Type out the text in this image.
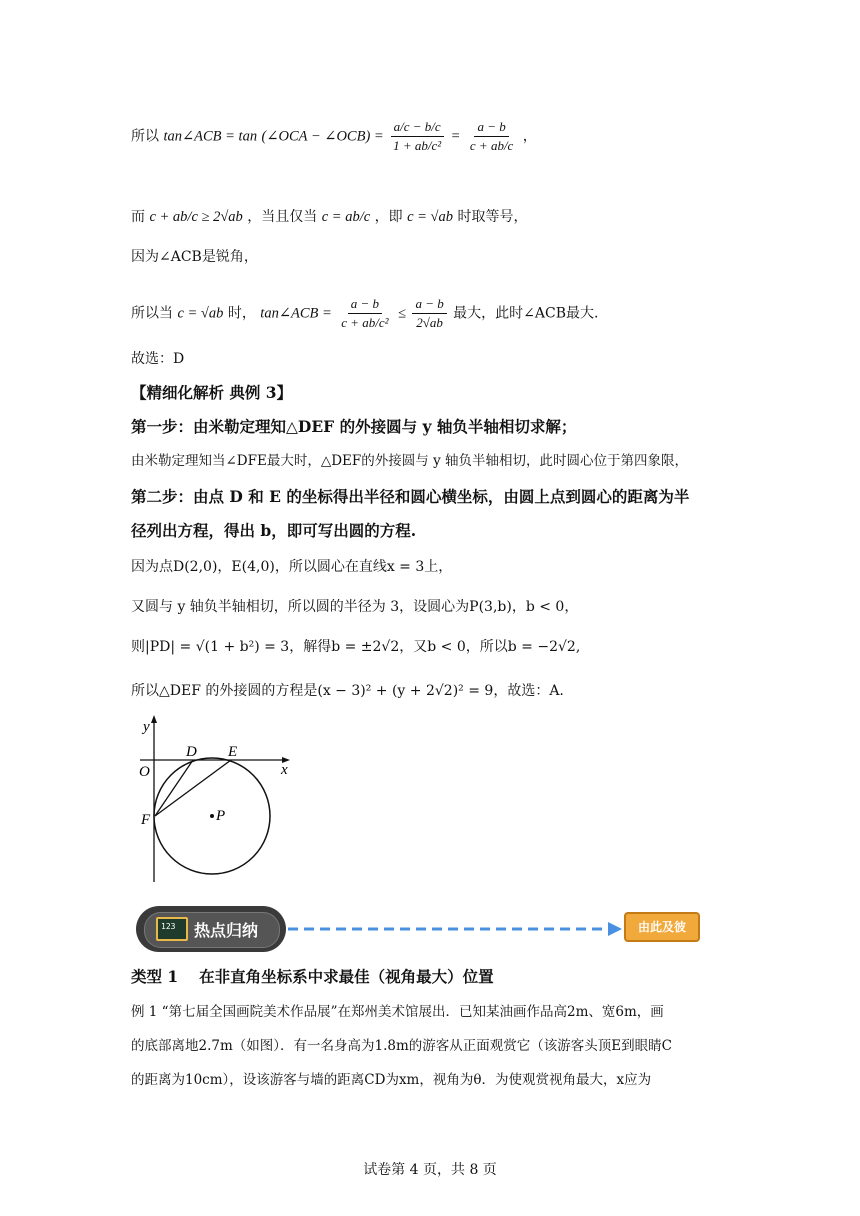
所以 tan∠ACB = tan (∠OCA − ∠OCB) = $\frac{a/c - b/c}{\text{1 + ab/c²}} = \frac{a - b}{c + ab/c}$ ，
而 c + ab/c ≥ 2√ab ，当且仅当 c = ab/c ，即 c = √ab 时取等号，
因为∠ACB是锐角，
所以当 c = √ab 时， tan∠ACB = $\frac{a - b}{\text{c + ab/c²}} \le \frac{a - b}{2√ab}$ 最大，此时∠ACB最大.
故选：D
【精细化解析 典例 3】
第一步：由米勒定理知△DEF 的外接圆与 y 轴负半轴相切求解；
由米勒定理知当∠DFE最大时，△DEF的外接圆与 y 轴负半轴相切，此时圆心位于第四象限，
第二步：由点 D 和 E 的坐标得出半径和圆心横坐标，由圆上点到圆心的距离为半
径列出方程，得出 b，即可写出圆的方程.
因为点D(2,0)，E(4,0)，所以圆心在直线x = 3上，
又圆与 y 轴负半轴相切，所以圆的半径为 3，设圆心为P(3,b)，b < 0，
则|PD| = √(1 + b²) = 3，解得b = ±2√2，又b < 0，所以b = −2√2,
所以△DEF 的外接圆的方程是(x − 3)² + (y + 2√2)² = 9，故选：A.
y
x
O
D E
F	P
123 热点归纳	由此及彼
类型 1　 在非直角坐标系中求最佳（视角最大）位置
例 1 “第七届全国画院美术作品展”在郑州美术馆展出．已知某油画作品高2m、宽6m，画
的底部离地2.7m（如图）．有一名身高为1.8m的游客从正面观赏它（该游客头顶E到眼睛C
的距离为10cm），设该游客与墙的距离CD为xm，视角为θ．为使观赏视角最大，x应为
试卷第 4 页，共 8 页
